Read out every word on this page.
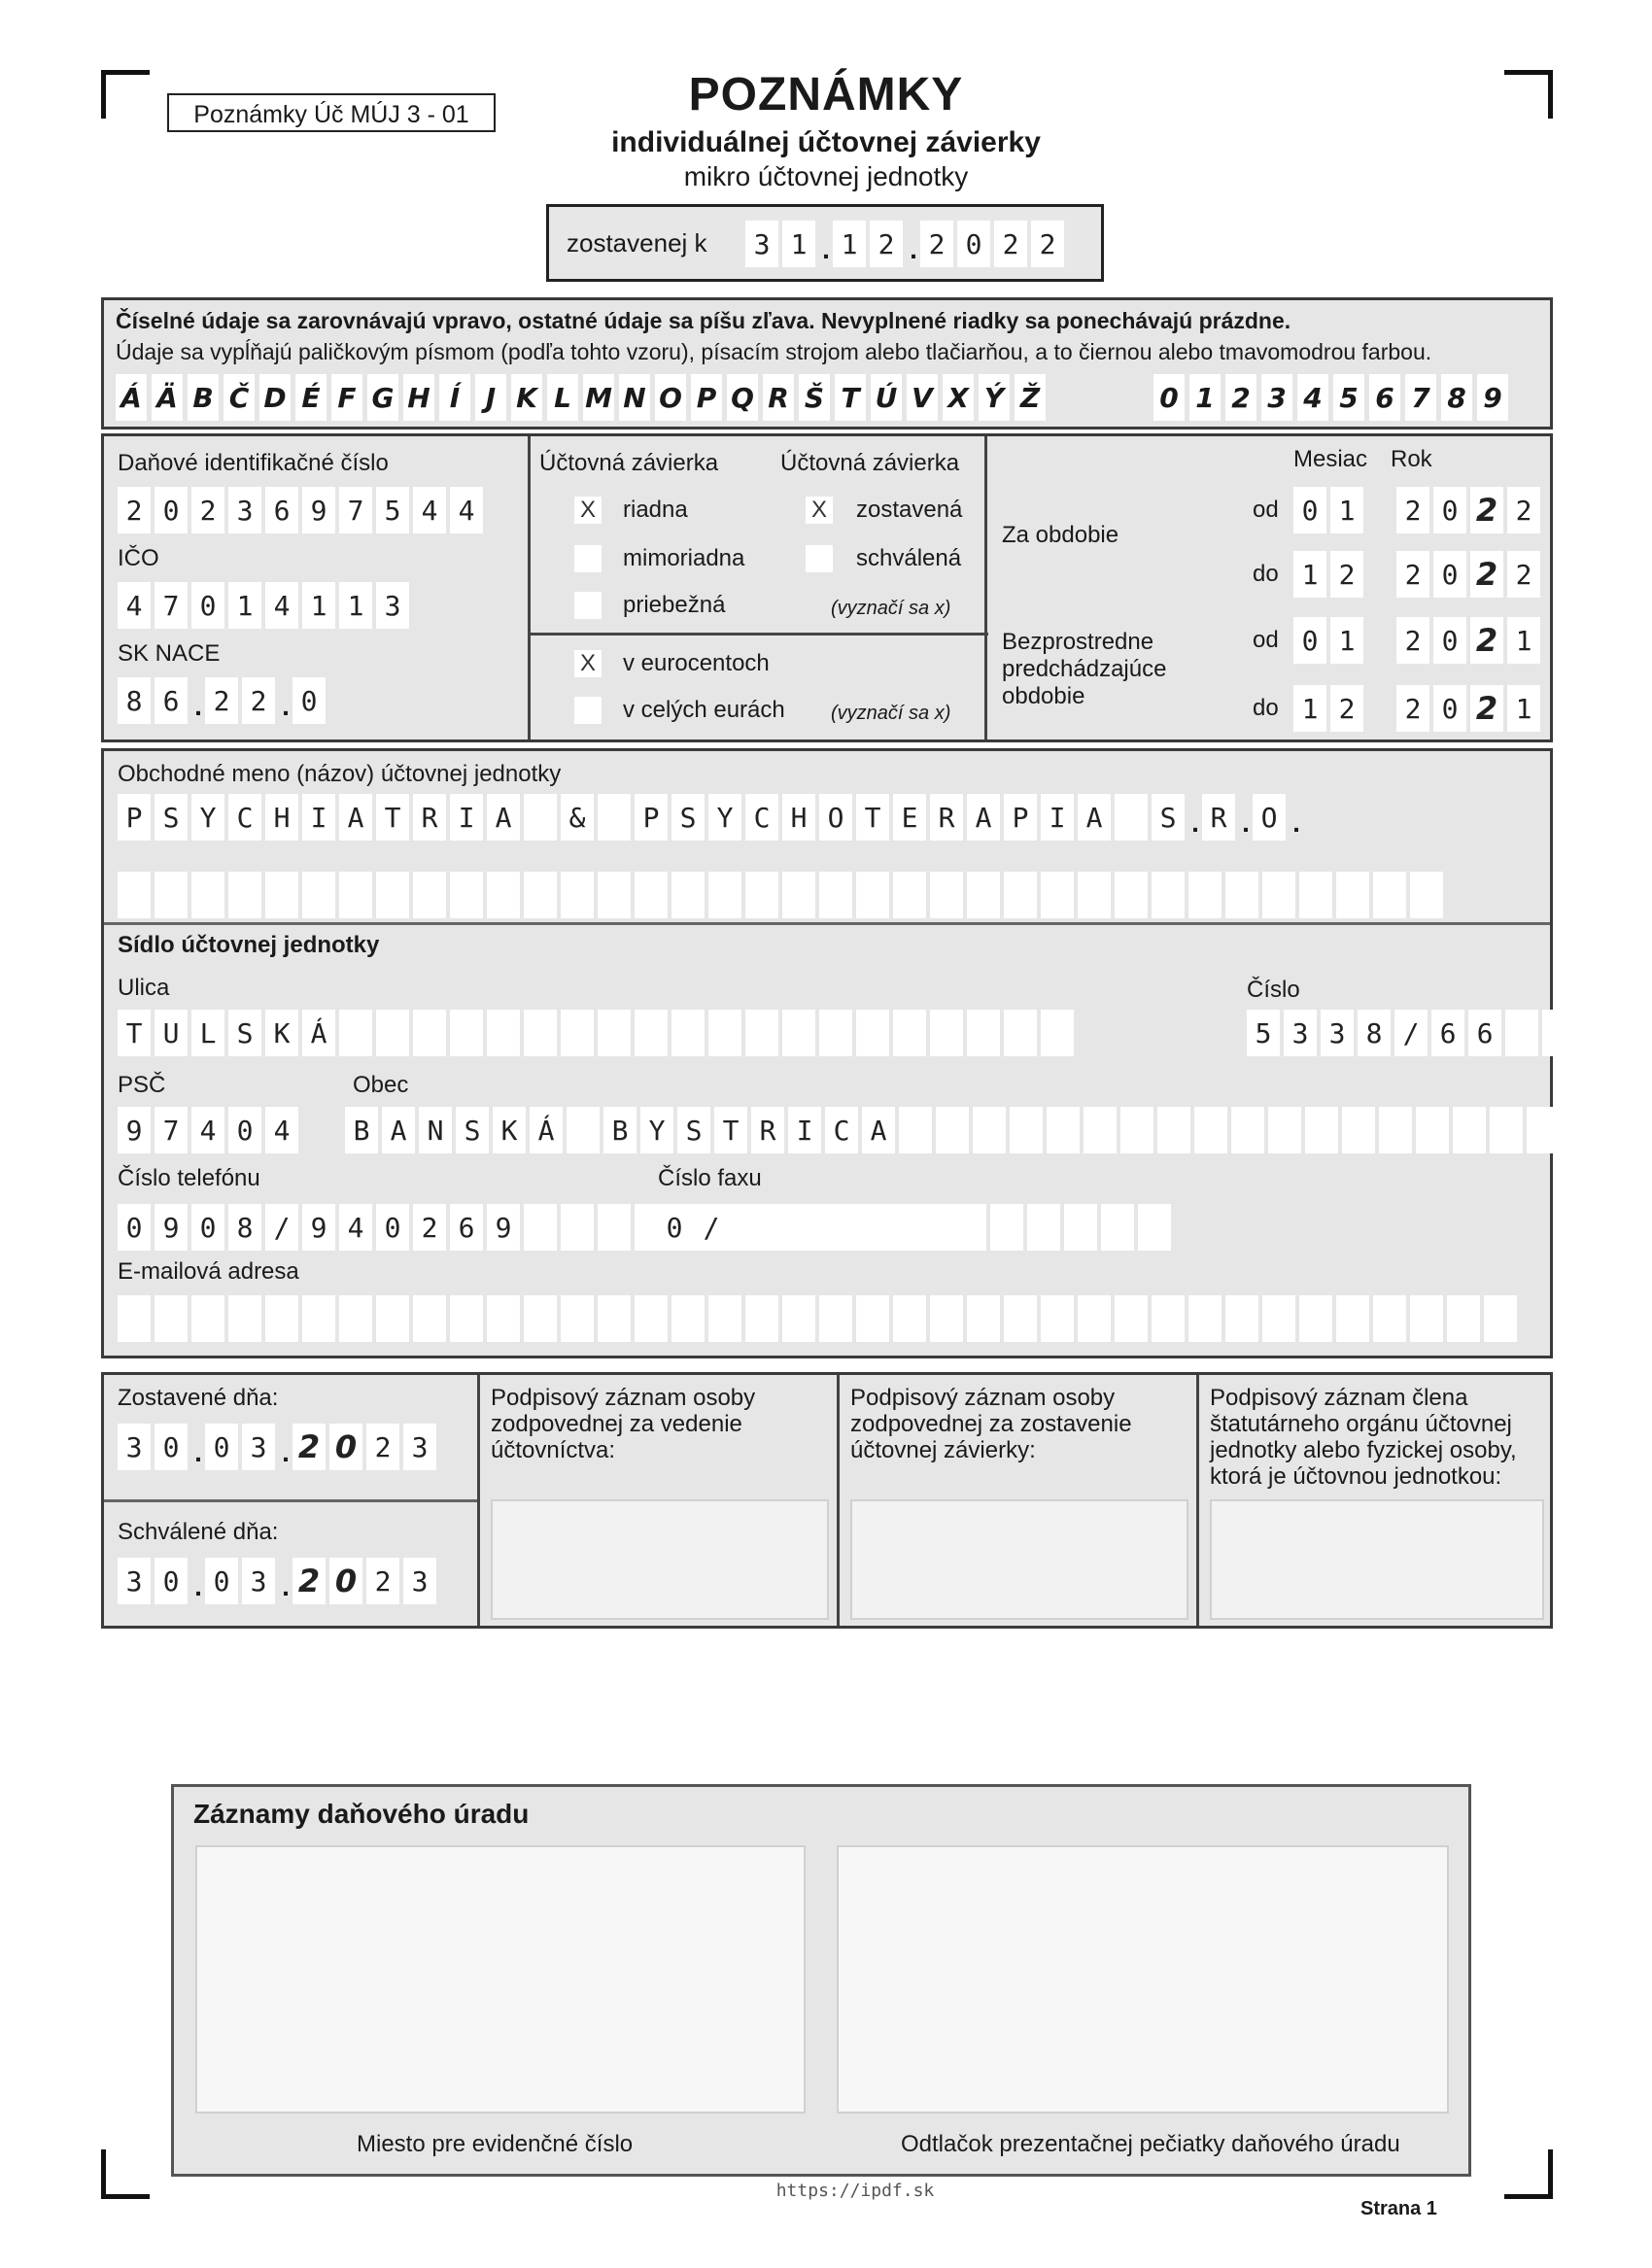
Poznámky Úč MÚJ 3 - 01	POZNÁMKY
individuálnej účtovnej závierky
mikro účtovnej jednotky
zostavenej k	3 1 . 1 2 . 2 0 2 2
Číselné údaje sa zarovnávajú vpravo, ostatné údaje sa píšu zľava. Nevyplnené riadky sa ponechávajú prázdne.
Údaje sa vypĺňajú paličkovým písmom (podľa tohto vzoru), písacím strojom alebo tlačiarňou, a to čiernou alebo tmavomodrou farbou.
Á Ä B Č D É F G H Í J K L M N O P Q R Š T Ú V X Ý Ž	0 1 2 3 4 5 6 7 8 9
Daňové identifikačné číslo
2 0 2 3 6 9 7 5 4 4
IČO
4 7 0 1 4 1 1 3
SK NACE
8 6 . 2 2 . 0
Účtovná závierka	Účtovná závierka
X riadna
mimoriadna
priebežná
X zostavená
schválená
(vyznačí sa x)
X v eurocentoch
v celých eurách (vyznačí sa x)
Mesiac Rok
Za obdobie
od 0 1	2 0 2 2
do 1 2	2 0 2 2
Bezprostredne
predchádzajúce
obdobie
od 0 1	2 0 2 1
do 1 2	2 0 2 1
Obchodné meno (názov) účtovnej jednotky
P S Y C H I A T R I A	&	P S Y C H O T E R A P I A	S . R . O .
Sídlo účtovnej jednotky
Ulica
T U L S K Á
Číslo
5 3 3 8 / 6 6
PSČ
9 7 4 0 4
Obec
B A N S K Á	B Y S T R I C A
Číslo telefónu
0 9 0 8 / 9 4 0 2 6 9
Číslo faxu
0 /
E-mailová adresa
Zostavené dňa:
3 0 . 0 3 . 2 0 2 3
Schválené dňa:
3 0 . 0 3 . 2 0 2 3
Podpisový záznam osoby zodpovednej za vedenie účtovníctva:
Podpisový záznam osoby zodpovednej za zostavenie účtovnej závierky:
Podpisový záznam člena štatutárneho orgánu účtovnej jednotky alebo fyzickej osoby, ktorá je účtovnou jednotkou:
Záznamy daňového úradu
Miesto pre evidenčné číslo	Odtlačok prezentačnej pečiatky daňového úradu
https://ipdf.sk
Strana 1
